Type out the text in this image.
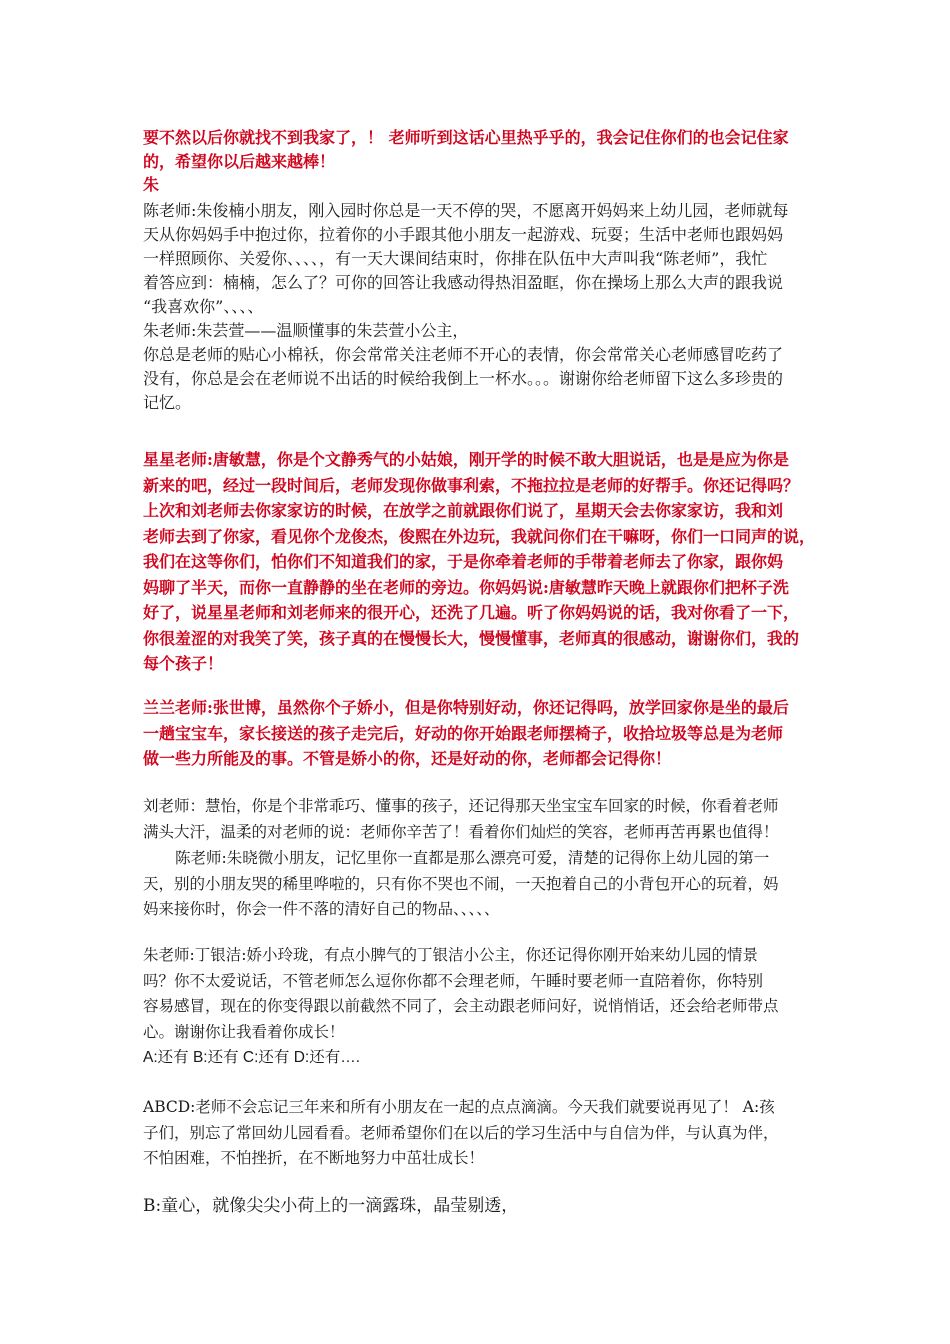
要不然以后你就找不到我家了，！ 老师听到这话心里热乎乎的，我会记住你们的也会记住家
的，希望你以后越来越棒！
朱
陈老师:朱俊楠小朋友，刚入园时你总是一天不停的哭，不愿离开妈妈来上幼儿园，老师就每
天从你妈妈手中抱过你，拉着你的小手跟其他小朋友一起游戏、玩耍；生活中老师也跟妈妈
一样照顾你、关爱你、、、、，有一天大课间结束时，你排在队伍中大声叫我“陈老师”，我忙
着答应到：楠楠，怎么了？可你的回答让我感动得热泪盈眶，你在操场上那么大声的跟我说
“我喜欢你”、、、、
朱老师:朱芸萱——温顺懂事的朱芸萱小公主，
你总是老师的贴心小棉袄，你会常常关注老师不开心的表情，你会常常关心老师感冒吃药了
没有，你总是会在老师说不出话的时候给我倒上一杯水。。。谢谢你给老师留下这么多珍贵的
记忆。
星星老师:唐敏慧，你是个文静秀气的小姑娘，刚开学的时候不敢大胆说话，也是是应为你是
新来的吧，经过一段时间后，老师发现你做事利索，不拖拉拉是老师的好帮手。你还记得吗？
上次和刘老师去你家家访的时候，在放学之前就跟你们说了，星期天会去你家家访，我和刘
老师去到了你家，看见你个龙俊杰，俊熙在外边玩，我就问你们在干嘛呀，你们一口同声的说，
我们在这等你们，怕你们不知道我们的家，于是你牵着老师的手带着老师去了你家，跟你妈
妈聊了半天，而你一直静静的坐在老师的旁边。你妈妈说:唐敏慧昨天晚上就跟你们把杯子洗
好了，说星星老师和刘老师来的很开心，还洗了几遍。听了你妈妈说的话，我对你看了一下，
你很羞涩的对我笑了笑，孩子真的在慢慢长大，慢慢懂事，老师真的很感动，谢谢你们，我的
每个孩子！
兰兰老师:张世博，虽然你个子娇小，但是你特别好动，你还记得吗，放学回家你是坐的最后
一趟宝宝车，家长接送的孩子走完后，好动的你开始跟老师摆椅子，收拾垃圾等总是为老师
做一些力所能及的事。不管是娇小的你，还是好动的你，老师都会记得你！
刘老师：慧怡，你是个非常乖巧、懂事的孩子，还记得那天坐宝宝车回家的时候，你看着老师
满头大汗，温柔的对老师的说：老师你辛苦了！看着你们灿烂的笑容，老师再苦再累也值得！
陈老师:朱晓微小朋友，记忆里你一直都是那么漂亮可爱，清楚的记得你上幼儿园的第一
天，别的小朋友哭的稀里哗啦的，只有你不哭也不闹，一天抱着自己的小背包开心的玩着，妈
妈来接你时，你会一件不落的清好自己的物品、、、、、
朱老师:丁银洁:娇小玲珑，有点小脾气的丁银洁小公主，你还记得你刚开始来幼儿园的情景
吗？你不太爱说话，不管老师怎么逗你你都不会理老师，午睡时要老师一直陪着你，你特别
容易感冒，现在的你变得跟以前截然不同了，会主动跟老师问好，说悄悄话，还会给老师带点
心。谢谢你让我看着你成长！
A:还有 B:还有 C:还有 D:还有….
ABCD:老师不会忘记三年来和所有小朋友在一起的点点滴滴。今天我们就要说再见了！ A:孩
子们，别忘了常回幼儿园看看。老师希望你们在以后的学习生活中与自信为伴，与认真为伴，
不怕困难，不怕挫折，在不断地努力中茁壮成长！
B:童心，就像尖尖小荷上的一滴露珠，晶莹剔透，
